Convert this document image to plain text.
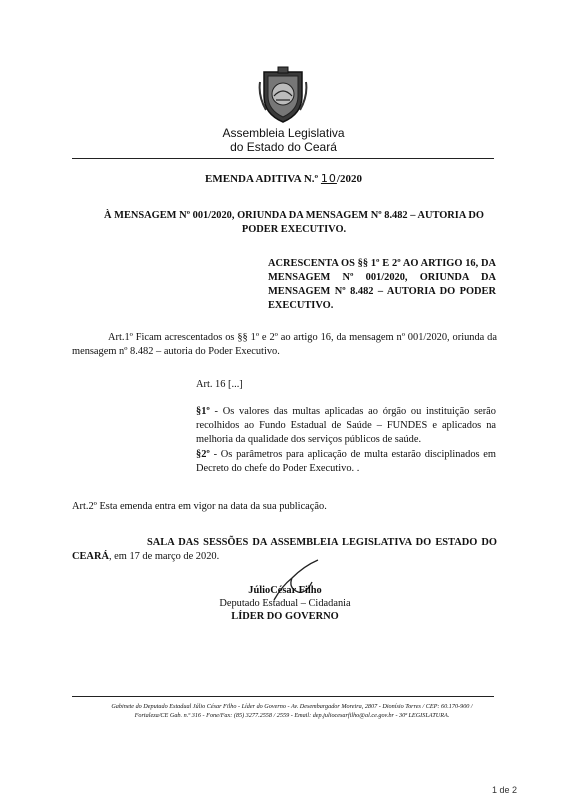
Assembleia Legislativa
do Estado do Ceará
EMENDA ADITIVA N.º 10/2020
À MENSAGEM Nº 001/2020, ORIUNDA DA MENSAGEM Nº 8.482 – AUTORIA DO PODER EXECUTIVO.
ACRESCENTA OS §§ 1º E 2º AO ARTIGO 16, DA MENSAGEM Nº 001/2020, ORIUNDA DA MENSAGEM Nº 8.482 – AUTORIA DO PODER EXECUTIVO.
Art.1º Ficam acrescentados os §§ 1º e 2º ao artigo 16, da mensagem nº 001/2020, oriunda da mensagem nº 8.482 – autoria do Poder Executivo.
Art. 16 [...]
§1º - Os valores das multas aplicadas ao órgão ou instituição serão recolhidos ao Fundo Estadual de Saúde – FUNDES e aplicados na melhoria da qualidade dos serviços públicos de saúde.
§2º - Os parâmetros para aplicação de multa estarão disciplinados em Decreto do chefe do Poder Executivo. .
Art.2º Esta emenda entra em vigor na data da sua publicação.
SALA DAS SESSÕES DA ASSEMBLEIA LEGISLATIVA DO ESTADO DO CEARÁ, em 17 de março de 2020.
JúlioCésar Filho
Deputado Estadual – Cidadania
LÍDER DO GOVERNO
Gabinete do Deputado Estadual Júlio César Filho - Líder do Governo - Av. Desembargador Moreira, 2807 - Dionísio Torres / CEP: 60.170-900 /
Fortaleza/CE Gab. n.º 316 - Fone/Fax: (85) 3277.2558 / 2559 - Email: dep.juliocesarfilho@al.ce.gov.br - 30ª LEGISLATURA.
1 de 2
